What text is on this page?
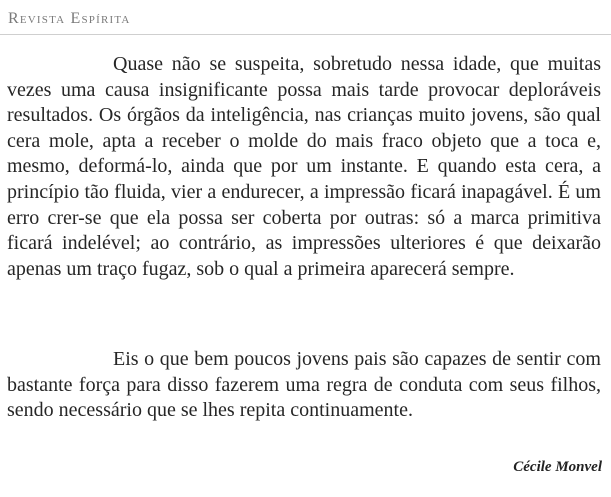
Revista Espírita

Quase não se suspeita, sobretudo nessa idade, que muitas vezes uma causa insignificante possa mais tarde provocar deploráveis resultados. Os órgãos da inteligência, nas crianças muito jovens, são qual cera mole, apta a receber o molde do mais fraco objeto que a toca e, mesmo, deformá-lo, ainda que por um instante. E quando esta cera, a princípio tão fluida, vier a endurecer, a impressão ficará inapagável. É um erro crer-se que ela possa ser coberta por outras: só a marca primitiva ficará indelével; ao contrário, as impressões ulteriores é que deixarão apenas um traço fugaz, sob o qual a primeira aparecerá sempre.

Eis o que bem poucos jovens pais são capazes de sentir com bastante força para disso fazerem uma regra de conduta com seus filhos, sendo necessário que se lhes repita continuamente.

Cécile Monvel
